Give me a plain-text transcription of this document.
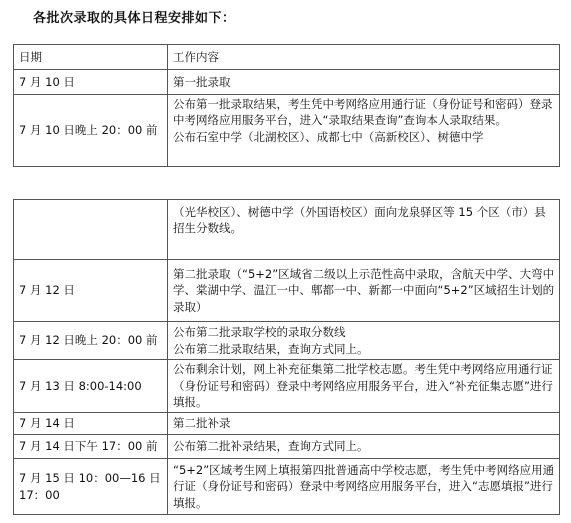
各批次录取的具体日程安排如下：
日期	工作内容
7 月 10 日	第一批录取

7 月 10 日晚上 20：00 前	公布第一批录取结果，考生凭中考网络应用通行证（身份证号和密码）登录中考网络应用服务平台，进入“录取结果查询”查询本人录取结果。

公布石室中学（北湖校区）、成都七中（高新校区）、树德中学

	（光华校区）、树德中学（外国语校区）面向龙泉驿区等 15 个区（市）县招生分数线。

7 月 12 日	第二批录取（“5+2”区域省二级以上示范性高中录取，含航天中学、大弯中学、棠湖中学、温江一中、郫都一中、新都一中面向“5+2”区域招生计划的录取）

7 月 12 日晚上 20：00 前	公布第二批录取学校的录取分数线

公布第二批录取结果，查询方式同上。

7 月 13 日 8:00-14:00	公布剩余计划，网上补充征集第二批学校志愿。考生凭中考网络应用通行证（身份证号和密码）登录中考网络应用服务平台，进入“补充征集志愿”进行填报。

7 月 14 日	第二批补录

7 月 14 日下午 17：00 前	公布第二批补录结果，查询方式同上。

7 月 15 日 10：00—16 日 17：00	“5+2”区域考生网上填报第四批普通高中学校志愿，考生凭中考网络应用通行证（身份证号和密码）登录中考网络应用服务平台，进入“志愿填报”进行填报。
